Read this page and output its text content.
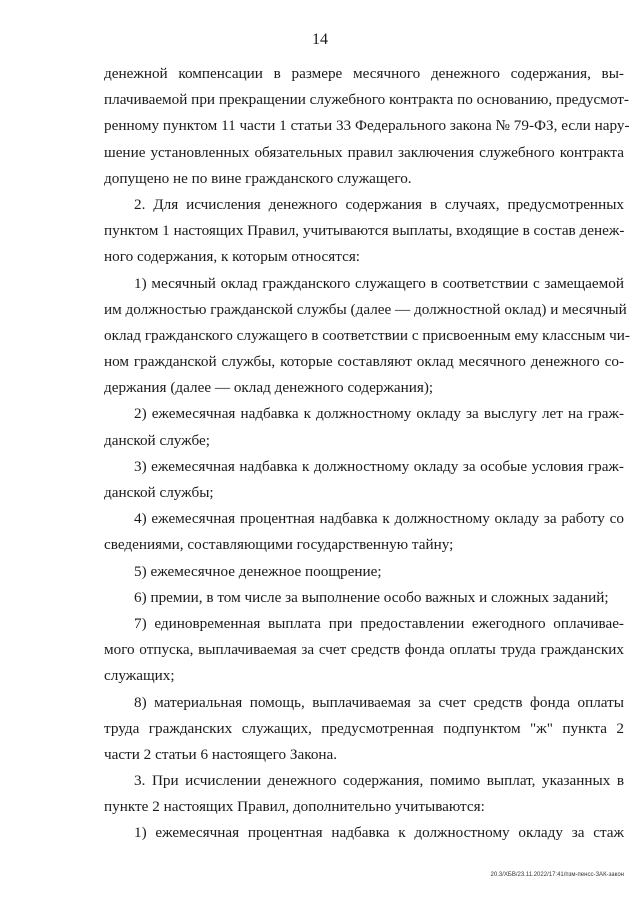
14
денежной компенсации в размере месячного денежного содержания, вы-
плачиваемой при прекращении служебного контракта по основанию, предусмот-
ренному пунктом 11 части 1 статьи 33 Федерального закона № 79-ФЗ, если нару-
шение установленных обязательных правил заключения служебного контракта
допущено не по вине гражданского служащего.
2. Для исчисления денежного содержания в случаях, предусмотренных
пунктом 1 настоящих Правил, учитываются выплаты, входящие в состав денеж-
ного содержания, к которым относятся:
1) месячный оклад гражданского служащего в соответствии с замещаемой
им должностью гражданской службы (далее — должностной оклад) и месячный
оклад гражданского служащего в соответствии с присвоенным ему классным чи-
ном гражданской службы, которые составляют оклад месячного денежного со-
держания (далее — оклад денежного содержания);
2) ежемесячная надбавка к должностному окладу за выслугу лет на граж-
данской службе;
3) ежемесячная надбавка к должностному окладу за особые условия граж-
данской службы;
4) ежемесячная процентная надбавка к должностному окладу за работу со
сведениями, составляющими государственную тайну;
5) ежемесячное денежное поощрение;
6) премии, в том числе за выполнение особо важных и сложных заданий;
7) единовременная выплата при предоставлении ежегодного оплачивае-
мого отпуска, выплачиваемая за счет средств фонда оплаты труда гражданских
служащих;
8) материальная помощь, выплачиваемая за счет средств фонда оплаты
труда гражданских служащих, предусмотренная подпунктом "ж" пункта 2
части 2 статьи 6 настоящего Закона.
3. При исчислении денежного содержания, помимо выплат, указанных в
пункте 2 настоящих Правил, дополнительно учитываются:
1) ежемесячная процентная надбавка к должностному окладу за стаж
20.3/ХБВ/23.11.2022/17:41/пзм-пенсс-ЗАК-закон
